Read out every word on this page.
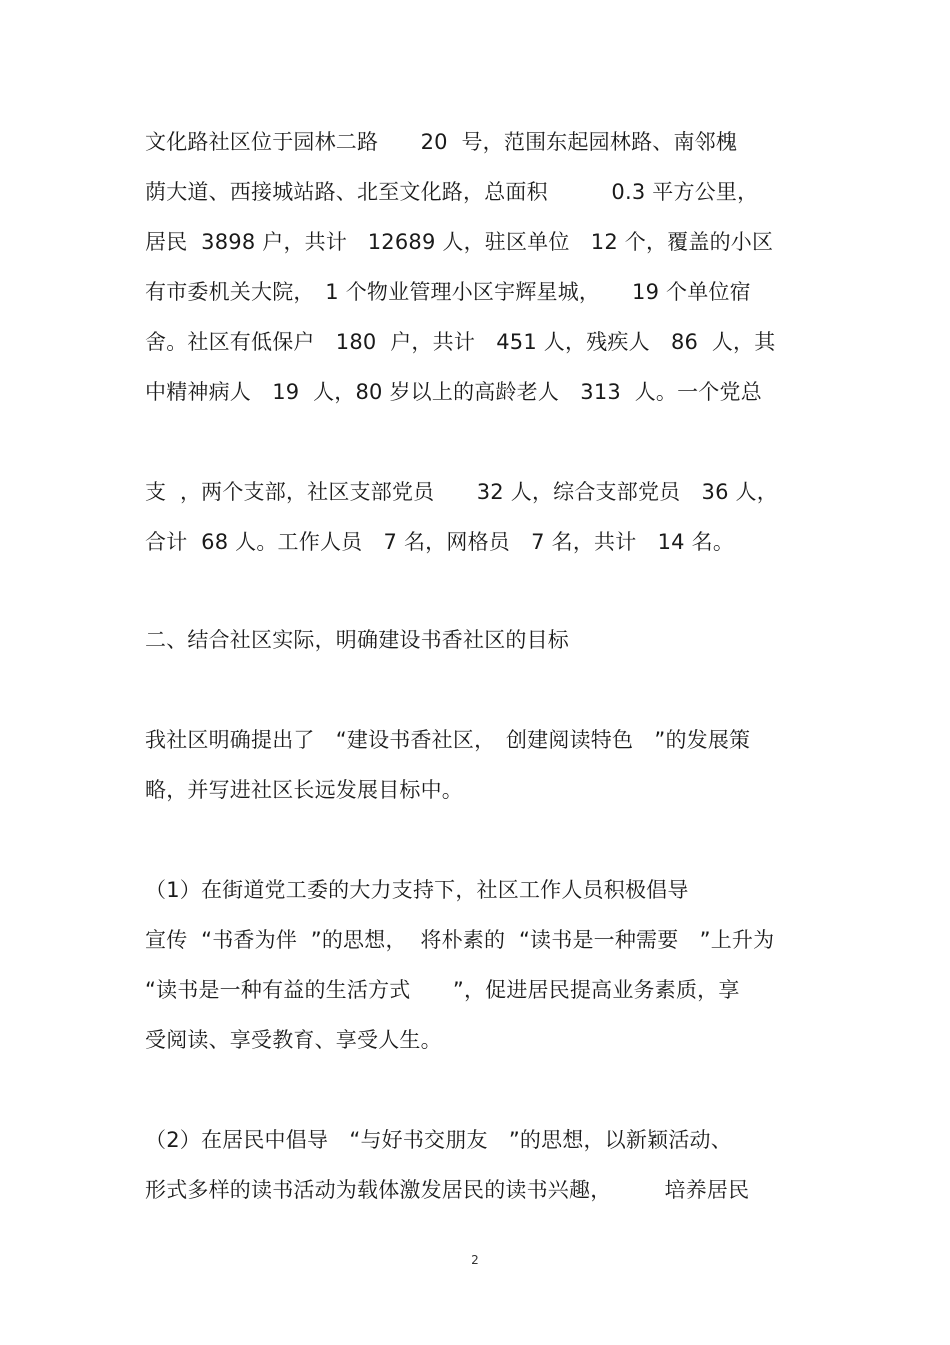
文化路社区位于园林二路　　20  号，范围东起园林路、南邻槐
荫大道、西接城站路、北至文化路，总面积　　　0.3 平方公里，
居民  3898 户，共计   12689 人，驻区单位　12 个，覆盖的小区
有市委机关大院，　1 个物业管理小区宇辉星城，　　19 个单位宿
舍。社区有低保户　180  户，共计　451 人，残疾人　86  人，其
中精神病人　19  人，80 岁以上的高龄老人　313  人。一个党总
支  ，两个支部，社区支部党员　　32 人，综合支部党员　36 人，
合计  68 人。工作人员　7 名，网格员　7 名，共计　14 名。
二、结合社区实际，明确建设书香社区的目标
我社区明确提出了　“建设书香社区，　创建阅读特色　”的发展策
略，并写进社区长远发展目标中。
（1）在街道党工委的大力支持下，社区工作人员积极倡导
宣传  “书香为伴  ”的思想，  将朴素的  “读书是一种需要　”上升为
“读书是一种有益的生活方式　　”，促进居民提高业务素质，享
受阅读、享受教育、享受人生。
（2）在居民中倡导　“与好书交朋友　”的思想，以新颖活动、
形式多样的读书活动为载体激发居民的读书兴趣，　　　培养居民
2
